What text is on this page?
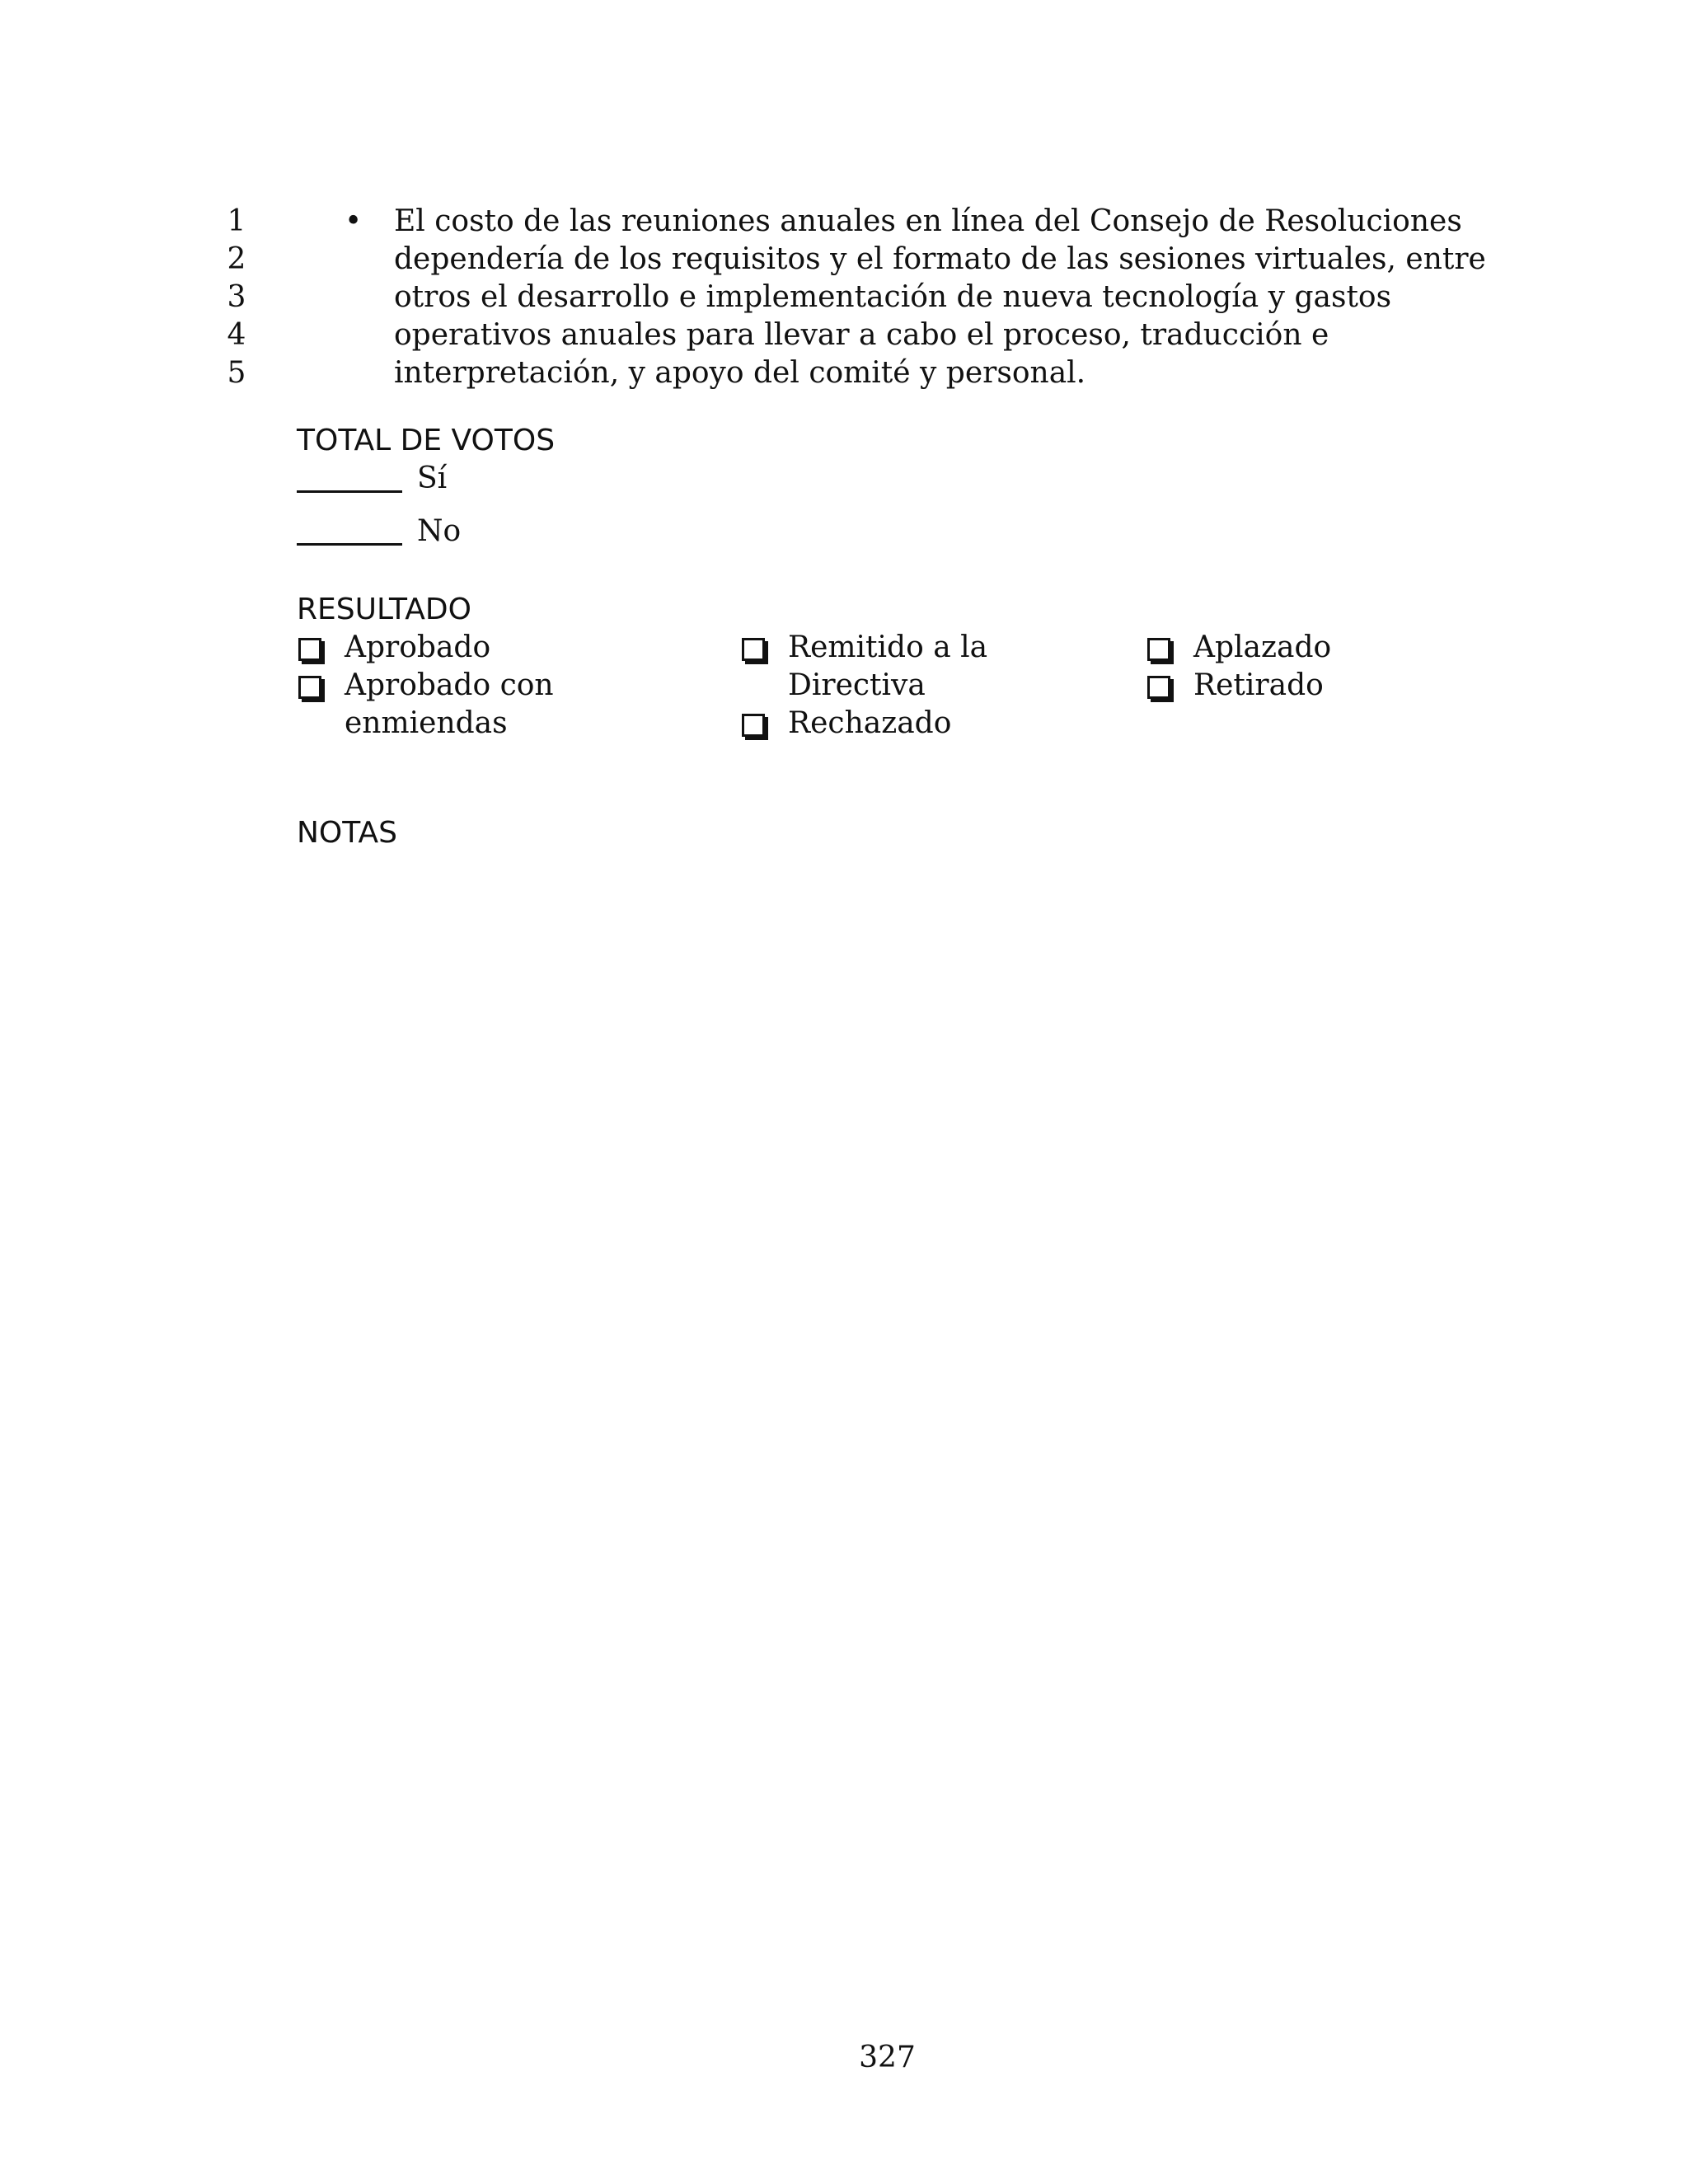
1
2
3
4
5
• El costo de las reuniones anuales en línea del Consejo de Resoluciones
dependería de los requisitos y el formato de las sesiones virtuales, entre
otros el desarrollo e implementación de nueva tecnología y gastos
operativos anuales para llevar a cabo el proceso, traducción e
interpretación, y apoyo del comité y personal.
TOTAL DE VOTOS
Sí
No
RESULTADO
Aprobado
Aprobado con
enmiendas
Remitido a la
Directiva
Rechazado
Aplazado
Retirado
NOTAS
327
